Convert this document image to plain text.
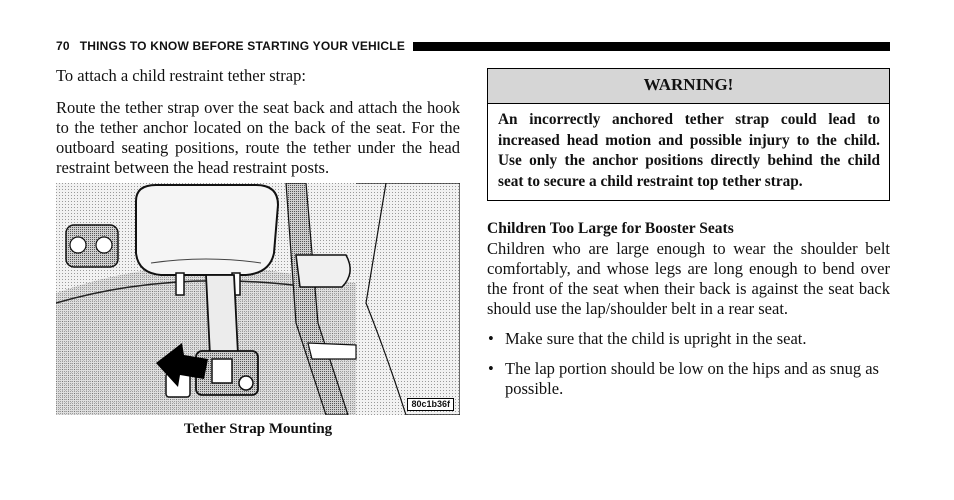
70 THINGS TO KNOW BEFORE STARTING YOUR VEHICLE

To attach a child restraint tether strap:

Route the tether strap over the seat back and attach the hook to the tether anchor located on the back of the seat. For the outboard seating positions, route the tether under the head restraint between the head restraint posts.

80c1b36f
Tether Strap Mounting
WARNING!
An incorrectly anchored tether strap could lead to increased head motion and possible injury to the child. Use only the anchor positions directly behind the child seat to secure a child restraint top tether strap.
Children Too Large for Booster Seats

Children who are large enough to wear the shoulder belt comfortably, and whose legs are long enough to bend over the front of the seat when their back is against the seat back should use the lap/shoulder belt in a rear seat.

• Make sure that the child is upright in the seat.
• The lap portion should be low on the hips and as snug as possible.
